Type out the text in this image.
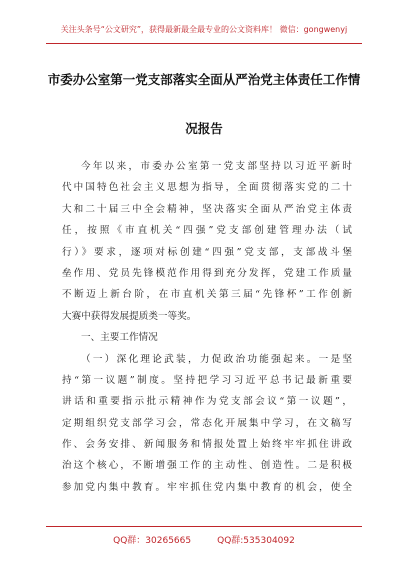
关注头条号“公文研究”，获得最新最全最专业的公文资料库！ 微信：gongwenyj
市委办公室第一党支部落实全面从严治党主体责任工作情
况报告
今年以来，市委办公室第一党支部坚持以习近平新时
代中国特色社会主义思想为指导，全面贯彻落实党的二十
大和二十届三中全会精神，坚决落实全面从严治党主体责
任，按照《市直机关“四强”党支部创建管理办法（试
行）》要求，逐项对标创建“四强”党支部，支部战斗堡
垒作用、党员先锋模范作用得到充分发挥，党建工作质量
不断迈上新台阶，在市直机关第三届“先锋杯”工作创新
大赛中获得发展提质类一等奖。
一、主要工作情况
（一）深化理论武装，力促政治功能强起来。一是坚
持“第一议题”制度。坚持把学习习近平总书记最新重要
讲话和重要指示批示精神作为党支部会议“第一议题”，
定期组织党支部学习会，常态化开展集中学习，在文稿写
作、会务安排、新闻服务和情报处置上始终牢牢抓住讲政
治这个核心，不断增强工作的主动性、创造性。二是积极
参加党内集中教育。牢牢抓住党内集中教育的机会，使全
QQ群：30265665	QQ群:535304092
